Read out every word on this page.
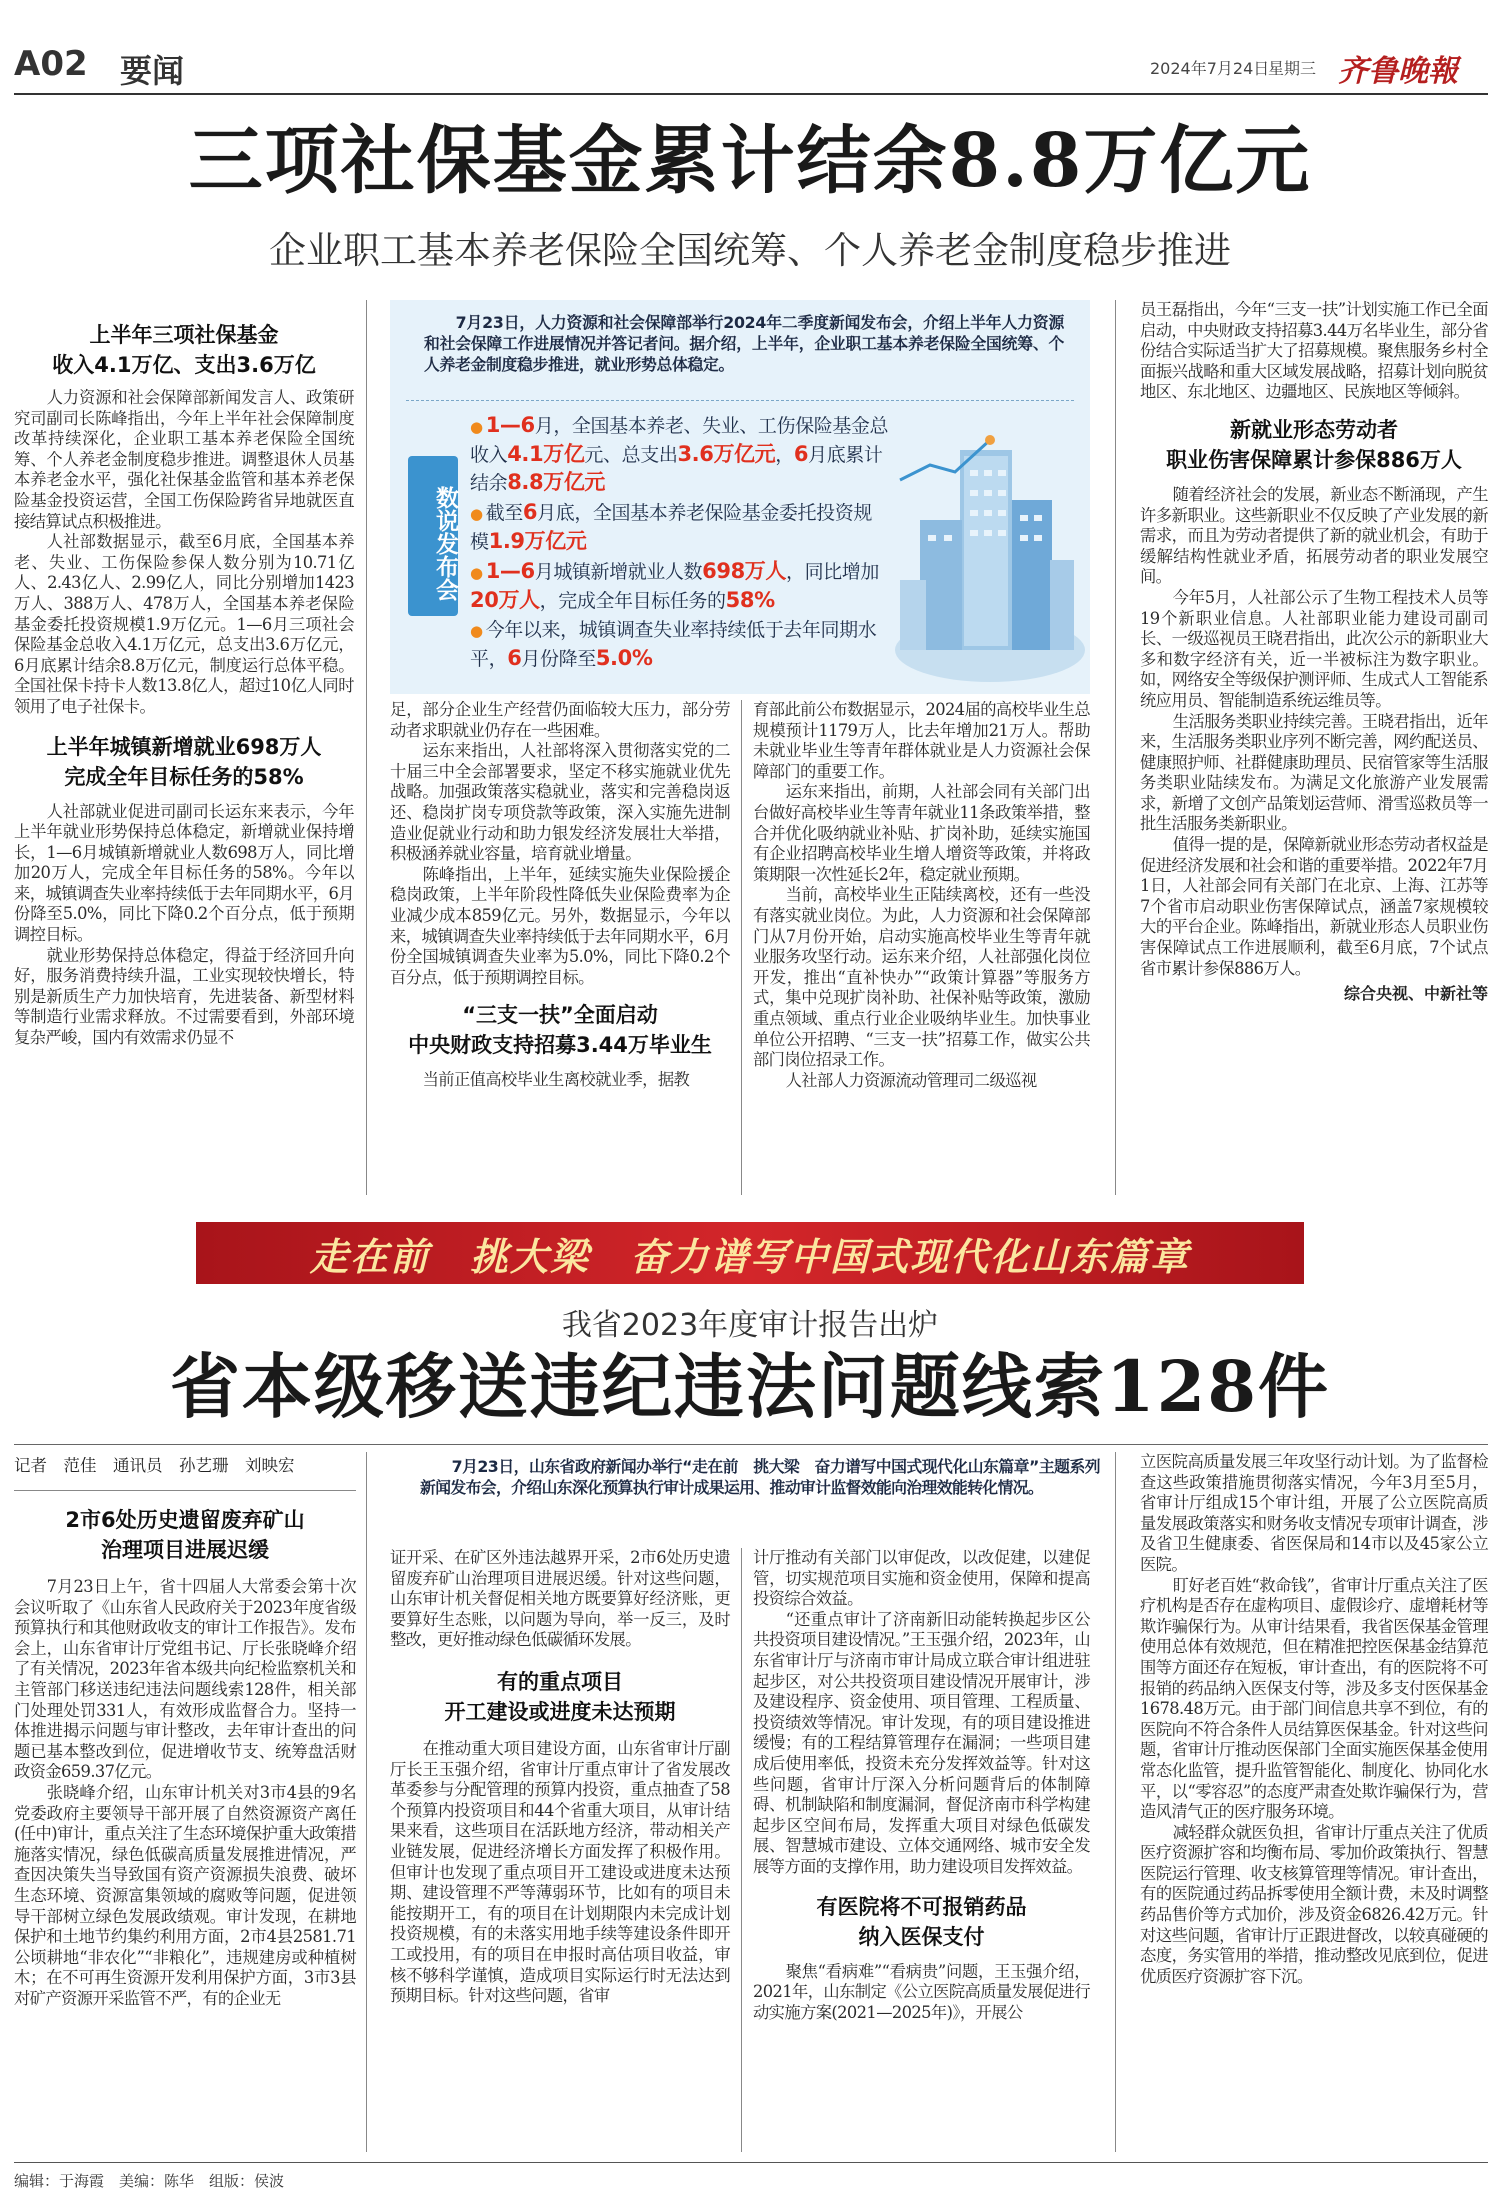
A02 要闻	2024年7月24日
星期三 齐鲁晚報
三项社保基金累计结余8.8万亿元
企业职工基本养老保险全国统筹、个人养老金制度稳步推进
上半年三项社保基金
收入4.1万亿、支出3.6万亿

人力资源和社会保障部新闻发言人、政策研究司副司长陈峰指出，今年上半年社会保障制度改革持续深化，企业职工基本养老保险全国统筹、个人养老金制度稳步推进。调整退休人员基本养老金水平，强化社保基金监管和基本养老保险基金投资运营，全国工伤保险跨省异地就医直接结算试点积极推进。

人社部数据显示，截至6月底，全国基本养老、失业、工伤保险参保人数分别为10.71亿人、2.43亿人、2.99亿人，同比分别增加1423万人、388万人、478万人，全国基本养老保险基金委托投资规模1.9万亿元。1—6月三项社会保险基金总收入4.1万亿元，总支出3.6万亿元，6月底累计结余8.8万亿元，制度运行总体平稳。全国社保卡持卡人数13.8亿人，超过10亿人同时领用了电子社保卡。

上半年城镇新增就业698万人
完成全年目标任务的58%

人社部就业促进司副司长运东来表示，今年上半年就业形势保持总体稳定，新增就业保持增长，1—6月城镇新增就业人数698万人，同比增加20万人，完成全年目标任务的58%。今年以来，城镇调查失业率持续低于去年同期水平，6月份降至5.0%，同比下降0.2个百分点，低于预期调控目标。

就业形势保持总体稳定，得益于经济回升向好，服务消费持续升温，工业实现较快增长，特别是新质生产力加快培育，先进装备、新型材料等制造行业需求释放。不过需要看到，外部环境复杂严峻，国内有效需求仍显不

7月23日，人力资源和社会保障部举行2024年二季度新闻发布会，介绍上半年人力资源和社会保障工作进展情况并答记者问。据介绍，上半年，企业职工基本养老保险全国统筹、个人养老金制度稳步推进，就业形势总体稳定。
数说发布会
● 1—6月，全国基本养老、失业、工伤保险基金总收入4.1万亿元、总支出3.6万亿元，6月底累计结余8.8万亿元
● 截至6月底，全国基本养老保险基金委托投资规模1.9万亿元
● 1—6月城镇新增就业人数698万人，同比增加20万人，完成全年目标任务的58%
● 今年以来，城镇调查失业率持续低于去年同期水平，6月份降至5.0%

足，部分企业生产经营仍面临较大压力，部分劳动者求职就业仍存在一些困难。

运东来指出，人社部将深入贯彻落实党的二十届三中全会部署要求，坚定不移实施就业优先战略。加强政策落实稳就业，落实和完善稳岗返还、稳岗扩岗专项贷款等政策，深入实施先进制造业促就业行动和助力银发经济发展壮大举措，积极涵养就业容量，培育就业增量。

陈峰指出，上半年，延续实施失业保险援企稳岗政策，上半年阶段性降低失业保险费率为企业减少成本859亿元。另外，数据显示，今年以来，城镇调查失业率持续低于去年同期水平，6月份全国城镇调查失业率为5.0%，同比下降0.2个百分点，低于预期调控目标。

“三支一扶”全面启动
中央财政支持招募3.44万毕业生

当前正值高校毕业生离校就业季，据教

育部此前公布数据显示，2024届的高校毕业生总规模预计1179万人，比去年增加21万人。帮助未就业毕业生等青年群体就业是人力资源社会保障部门的重要工作。

运东来指出，前期，人社部会同有关部门出台做好高校毕业生等青年就业11条政策举措，整合并优化吸纳就业补贴、扩岗补助，延续实施国有企业招聘高校毕业生增人增资等政策，并将政策期限一次性延长2年，稳定就业预期。

当前，高校毕业生正陆续离校，还有一些没有落实就业岗位。为此，人力资源和社会保障部门从7月份开始，启动实施高校毕业生等青年就业服务攻坚行动。运东来介绍，人社部强化岗位开发，推出“直补快办”“政策计算器”等服务方式，集中兑现扩岗补助、社保补贴等政策，激励重点领域、重点行业企业吸纳毕业生。加快事业单位公开招聘、“三支一扶”招募工作，做实公共部门岗位招录工作。

人社部人力资源流动管理司二级巡视

员王磊指出，今年“三支一扶”计划实施工作已全面启动，中央财政支持招募3.44万名毕业生，部分省份结合实际适当扩大了招募规模。聚焦服务乡村全面振兴战略和重大区域发展战略，招募计划向脱贫地区、东北地区、边疆地区、民族地区等倾斜。

新就业形态劳动者
职业伤害保障累计参保886万人

随着经济社会的发展，新业态不断涌现，产生许多新职业。这些新职业不仅反映了产业发展的新需求，而且为劳动者提供了新的就业机会，有助于缓解结构性就业矛盾，拓展劳动者的职业发展空间。

今年5月，人社部公示了生物工程技术人员等19个新职业信息。人社部职业能力建设司副司长、一级巡视员王晓君指出，此次公示的新职业大多和数字经济有关，近一半被标注为数字职业。如，网络安全等级保护测评师、生成式人工智能系统应用员、智能制造系统运维员等。

生活服务类职业持续完善。王晓君指出，近年来，生活服务类职业序列不断完善，网约配送员、健康照护师、社群健康助理员、民宿管家等生活服务类职业陆续发布。为满足文化旅游产业发展需求，新增了文创产品策划运营师、滑雪巡救员等一批生活服务类新职业。

值得一提的是，保障新就业形态劳动者权益是促进经济发展和社会和谐的重要举措。2022年7月1日，人社部会同有关部门在北京、上海、江苏等7个省市启动职业伤害保障试点，涵盖7家规模较大的平台企业。陈峰指出，新就业形态人员职业伤害保障试点工作进展顺利，截至6月底，7个试点省市累计参保886万人。

综合央视、中新社等
走在前　挑大梁　奋力谱写中国式现代化山东篇章
我省2023年度审计报告出炉
省本级移送违纪违法问题线索128件
记者　范佳　通讯员　孙艺珊　刘映宏
2市6处历史遗留废弃矿山
治理项目进展迟缓

7月23日上午，省十四届人大常委会第十次会议听取了《山东省人民政府关于2023年度省级预算执行和其他财政收支的审计工作报告》。发布会上，山东省审计厅党组书记、厅长张晓峰介绍了有关情况，2023年省本级共向纪检监察机关和主管部门移送违纪违法问题线索128件，相关部门处理处罚331人，有效形成监督合力。坚持一体推进揭示问题与审计整改，去年审计查出的问题已基本整改到位，促进增收节支、统筹盘活财政资金659.37亿元。

张晓峰介绍，山东审计机关对3市4县的9名党委政府主要领导干部开展了自然资源资产离任(任中)审计，重点关注了生态环境保护重大政策措施落实情况，绿色低碳高质量发展推进情况，严查因决策失当导致国有资产资源损失浪费、破坏生态环境、资源富集领域的腐败等问题，促进领导干部树立绿色发展政绩观。审计发现，在耕地保护和土地节约集约利用方面，2市4县2581.71公顷耕地“非农化”“非粮化”，违规建房或种植树木；在不可再生资源开发利用保护方面，3市3县对矿产资源开采监管不严，有的企业无

7月23日，山东省政府新闻办举行“走在前　挑大梁　奋力谱写中国式现代化山东篇章”主题系列新闻发布会，介绍山东深化预算执行审计成果运用、推动审计监督效能向治理效能转化情况。

证开采、在矿区外违法越界开采，2市6处历史遗留废弃矿山治理项目进展迟缓。针对这些问题，山东审计机关督促相关地方既要算好经济账，更要算好生态账，以问题为导向，举一反三，及时整改，更好推动绿色低碳循环发展。

有的重点项目
开工建设或进度未达预期

在推动重大项目建设方面，山东省审计厅副厅长王玉强介绍，省审计厅重点审计了省发展改革委参与分配管理的预算内投资，重点抽查了58个预算内投资项目和44个省重大项目，从审计结果来看，这些项目在活跃地方经济，带动相关产业链发展，促进经济增长方面发挥了积极作用。但审计也发现了重点项目开工建设或进度未达预期、建设管理不严等薄弱环节，比如有的项目未能按期开工，有的项目在计划期限内未完成计划投资规模，有的未落实用地手续等建设条件即开工或投用，有的项目在申报时高估项目收益，审核不够科学谨慎，造成项目实际运行时无法达到预期目标。针对这些问题，省审

计厅推动有关部门以审促改，以改促建，以建促管，切实规范项目实施和资金使用，保障和提高投资综合效益。

“还重点审计了济南新旧动能转换起步区公共投资项目建设情况。”王玉强介绍，2023年，山东省审计厅与济南市审计局成立联合审计组进驻起步区，对公共投资项目建设情况开展审计，涉及建设程序、资金使用、项目管理、工程质量、投资绩效等情况。审计发现，有的项目建设推进缓慢；有的工程结算管理存在漏洞；一些项目建成后使用率低，投资未充分发挥效益等。针对这些问题，省审计厅深入分析问题背后的体制障碍、机制缺陷和制度漏洞，督促济南市科学构建起步区空间布局，发挥重大项目对绿色低碳发展、智慧城市建设、立体交通网络、城市安全发展等方面的支撑作用，助力建设项目发挥效益。

有医院将不可报销药品
纳入医保支付

聚焦“看病难”“看病贵”问题，王玉强介绍，2021年，山东制定《公立医院高质量发展促进行动实施方案(2021—2025年)》，开展公

立医院高质量发展三年攻坚行动计划。为了监督检查这些政策措施贯彻落实情况，今年3月至5月，省审计厅组成15个审计组，开展了公立医院高质量发展政策落实和财务收支情况专项审计调查，涉及省卫生健康委、省医保局和14市以及45家公立医院。

盯好老百姓“救命钱”，省审计厅重点关注了医疗机构是否存在虚构项目、虚假诊疗、虚增耗材等欺诈骗保行为。从审计结果看，我省医保基金管理使用总体有效规范，但在精准把控医保基金结算范围等方面还存在短板，审计查出，有的医院将不可报销的药品纳入医保支付等，涉及多支付医保基金1678.48万元。由于部门间信息共享不到位，有的医院向不符合条件人员结算医保基金。针对这些问题，省审计厅推动医保部门全面实施医保基金使用常态化监管，提升监管智能化、制度化、协同化水平，以“零容忍”的态度严肃查处欺诈骗保行为，营造风清气正的医疗服务环境。

减轻群众就医负担，省审计厅重点关注了优质医疗资源扩容和均衡布局、零加价政策执行、智慧医院运行管理、收支核算管理等情况。审计查出，有的医院通过药品拆零使用全额计费，未及时调整药品售价等方式加价，涉及资金6826.42万元。针对这些问题，省审计厅正跟进督改，以较真碰硬的态度，务实管用的举措，推动整改见底到位，促进优质医疗资源扩容下沉。

编辑：于海霞　美编：陈华　组版：侯波
